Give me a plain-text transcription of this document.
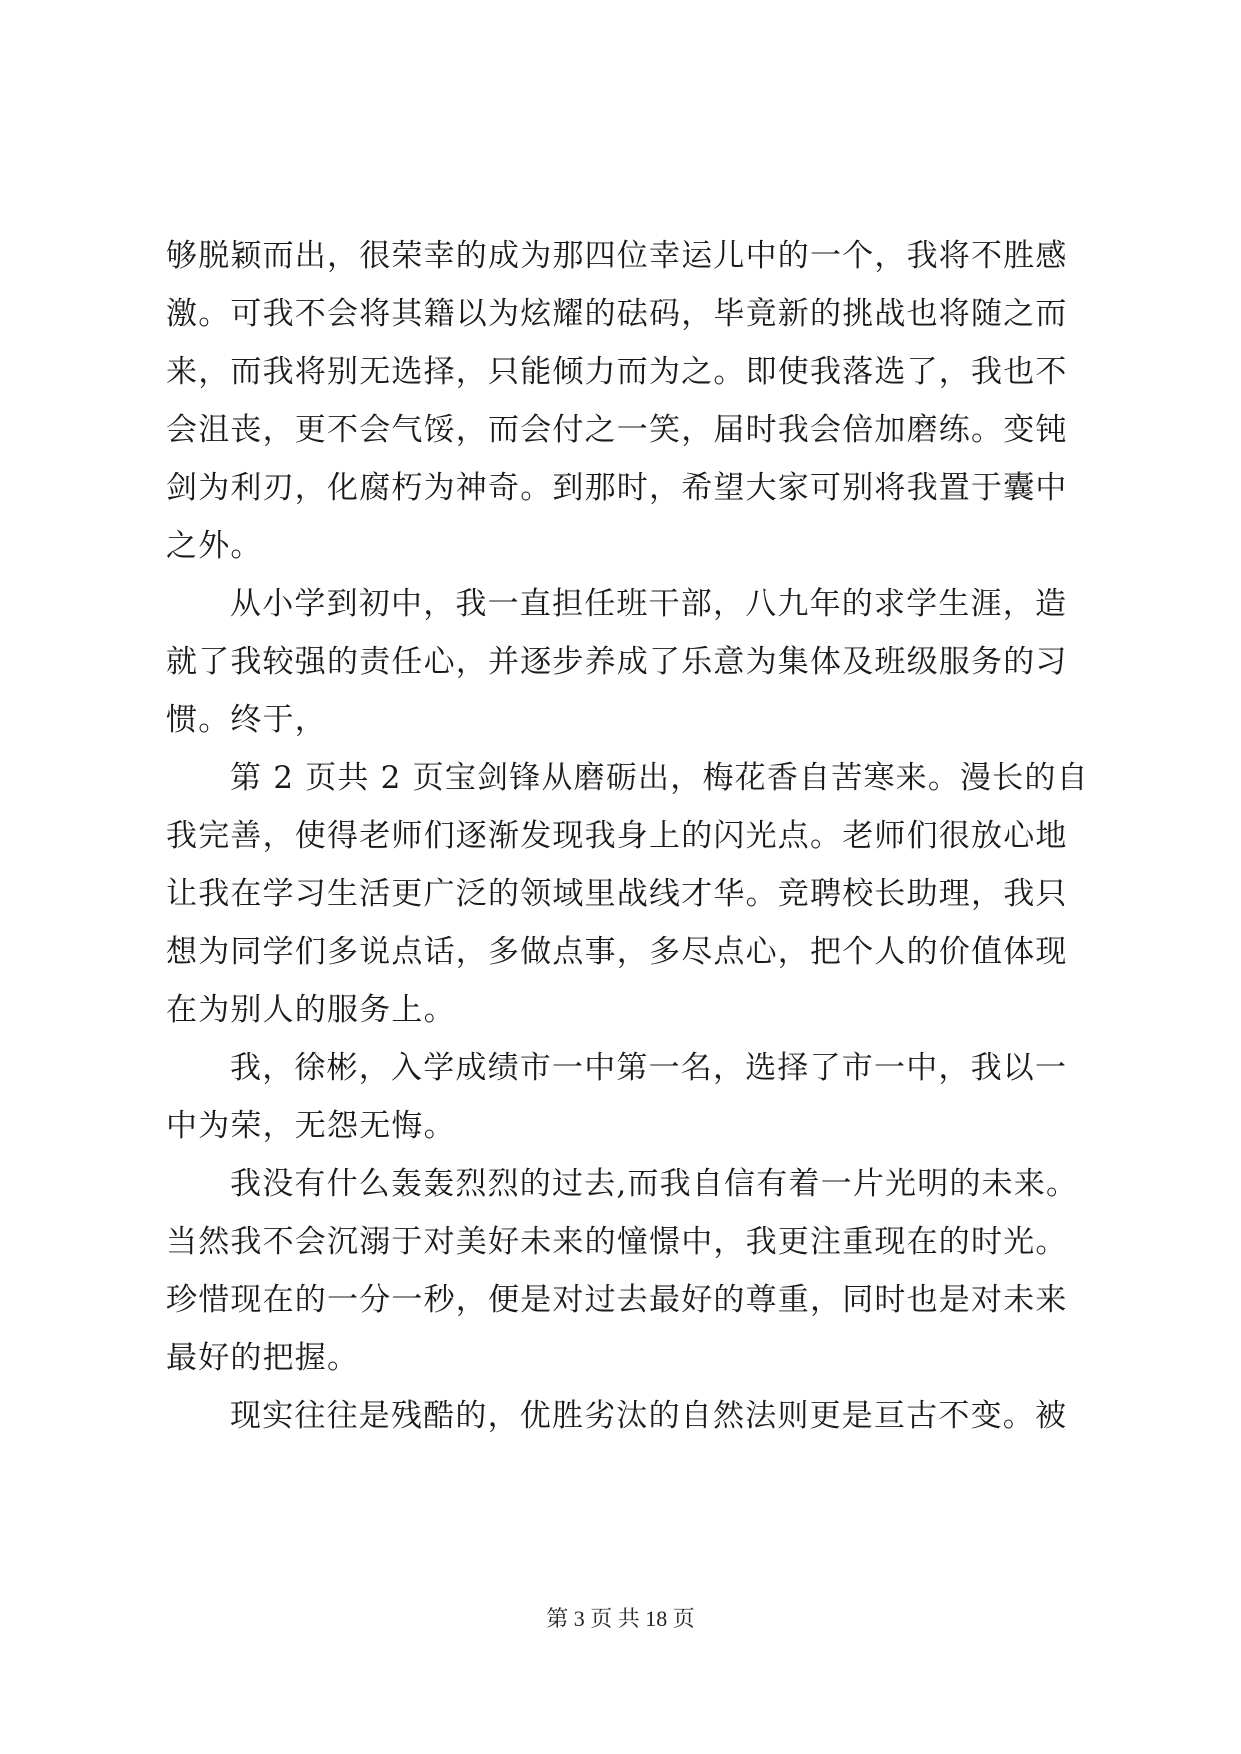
够脱颖而出，很荣幸的成为那四位幸运儿中的一个，我将不胜感
激。可我不会将其籍以为炫耀的砝码，毕竟新的挑战也将随之而
来，而我将别无选择，只能倾力而为之。即使我落选了，我也不
会沮丧，更不会气馁，而会付之一笑，届时我会倍加磨练。变钝
剑为利刃，化腐朽为神奇。到那时，希望大家可别将我置于囊中
之外。
从小学到初中，我一直担任班干部，八九年的求学生涯，造
就了我较强的责任心，并逐步养成了乐意为集体及班级服务的习
惯。终于，
第 2 页共 2 页宝剑锋从磨砺出，梅花香自苦寒来。漫长的自
我完善，使得老师们逐渐发现我身上的闪光点。老师们很放心地
让我在学习生活更广泛的领域里战线才华。竞聘校长助理，我只
想为同学们多说点话，多做点事，多尽点心，把个人的价值体现
在为别人的服务上。
我，徐彬，入学成绩市一中第一名，选择了市一中，我以一
中为荣，无怨无悔。
我没有什么轰轰烈烈的过去,而我自信有着一片光明的未来。
当然我不会沉溺于对美好未来的憧憬中，我更注重现在的时光。
珍惜现在的一分一秒，便是对过去最好的尊重，同时也是对未来
最好的把握。
现实往往是残酷的，优胜劣汰的自然法则更是亘古不变。被
第 3 页 共 18 页
